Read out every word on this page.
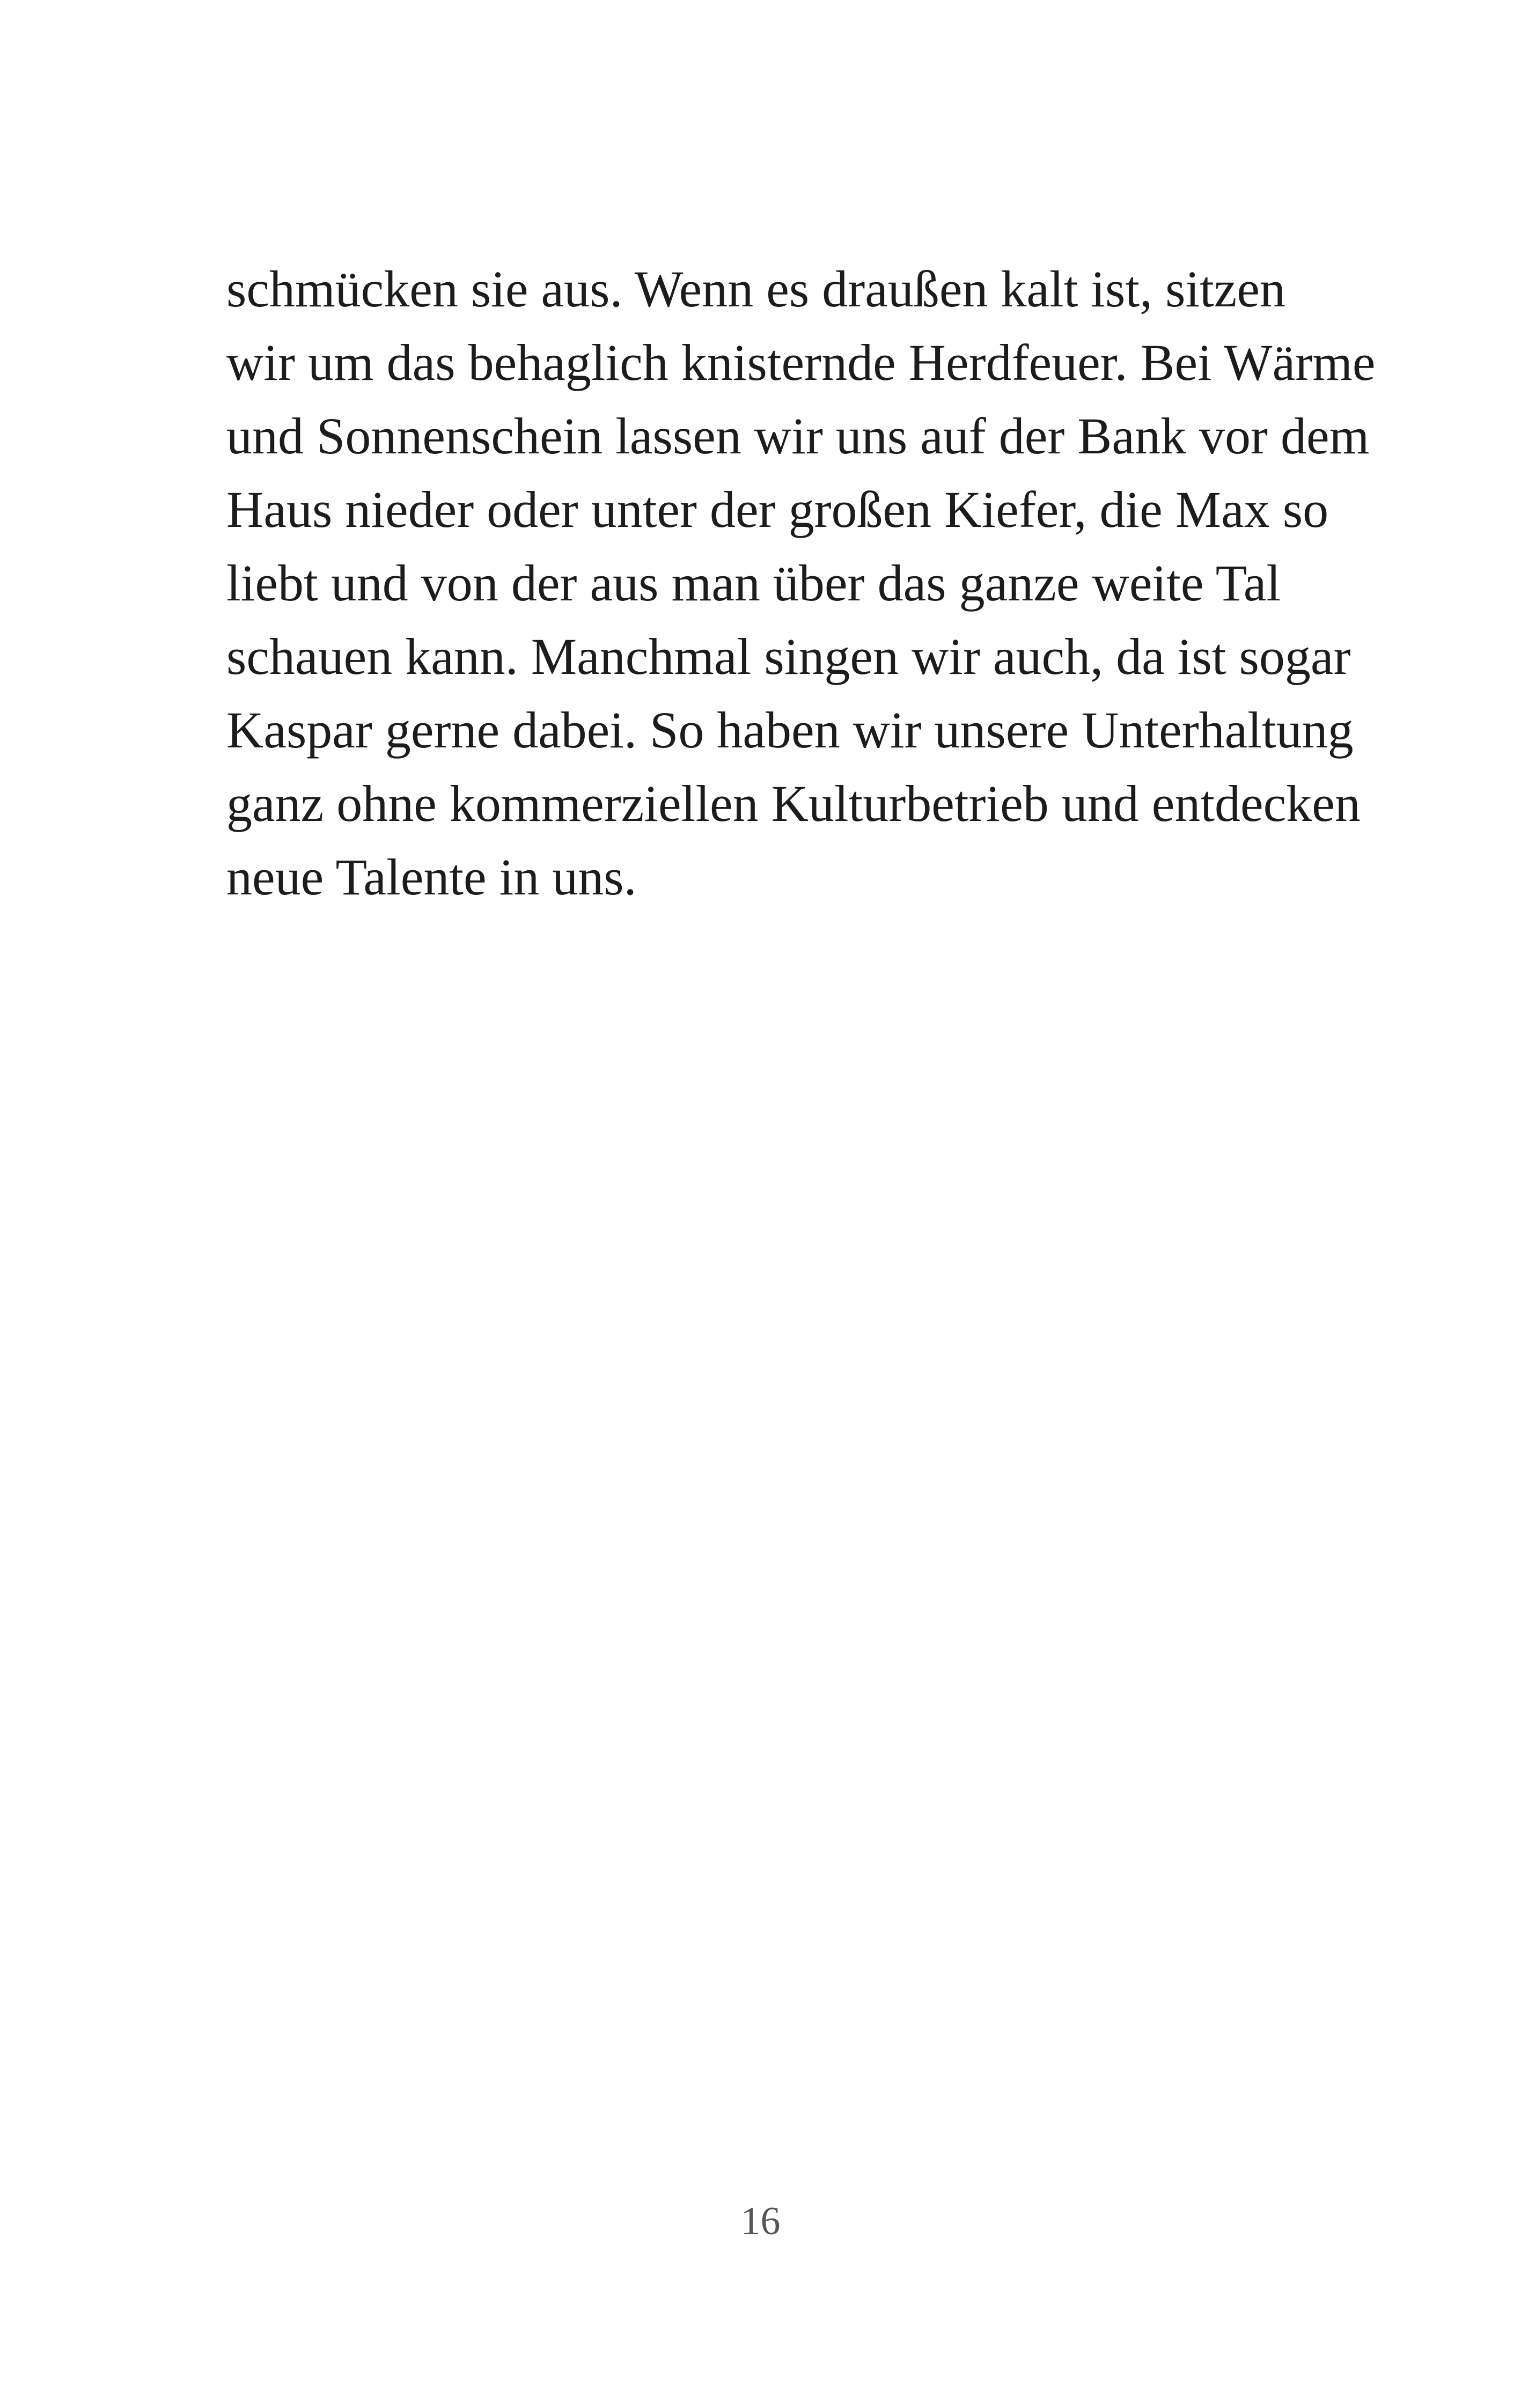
schmücken sie aus. Wenn es draußen kalt ist, sitzen
wir um das behaglich knisternde Herdfeuer. Bei Wärme
und Sonnenschein lassen wir uns auf der Bank vor dem
Haus nieder oder unter der großen Kiefer, die Max so
liebt und von der aus man über das ganze weite Tal
schauen kann. Manchmal singen wir auch, da ist sogar
Kaspar gerne dabei. So haben wir unsere Unterhaltung
ganz ohne kommerziellen Kulturbetrieb und entdecken
neue Talente in uns.
16
